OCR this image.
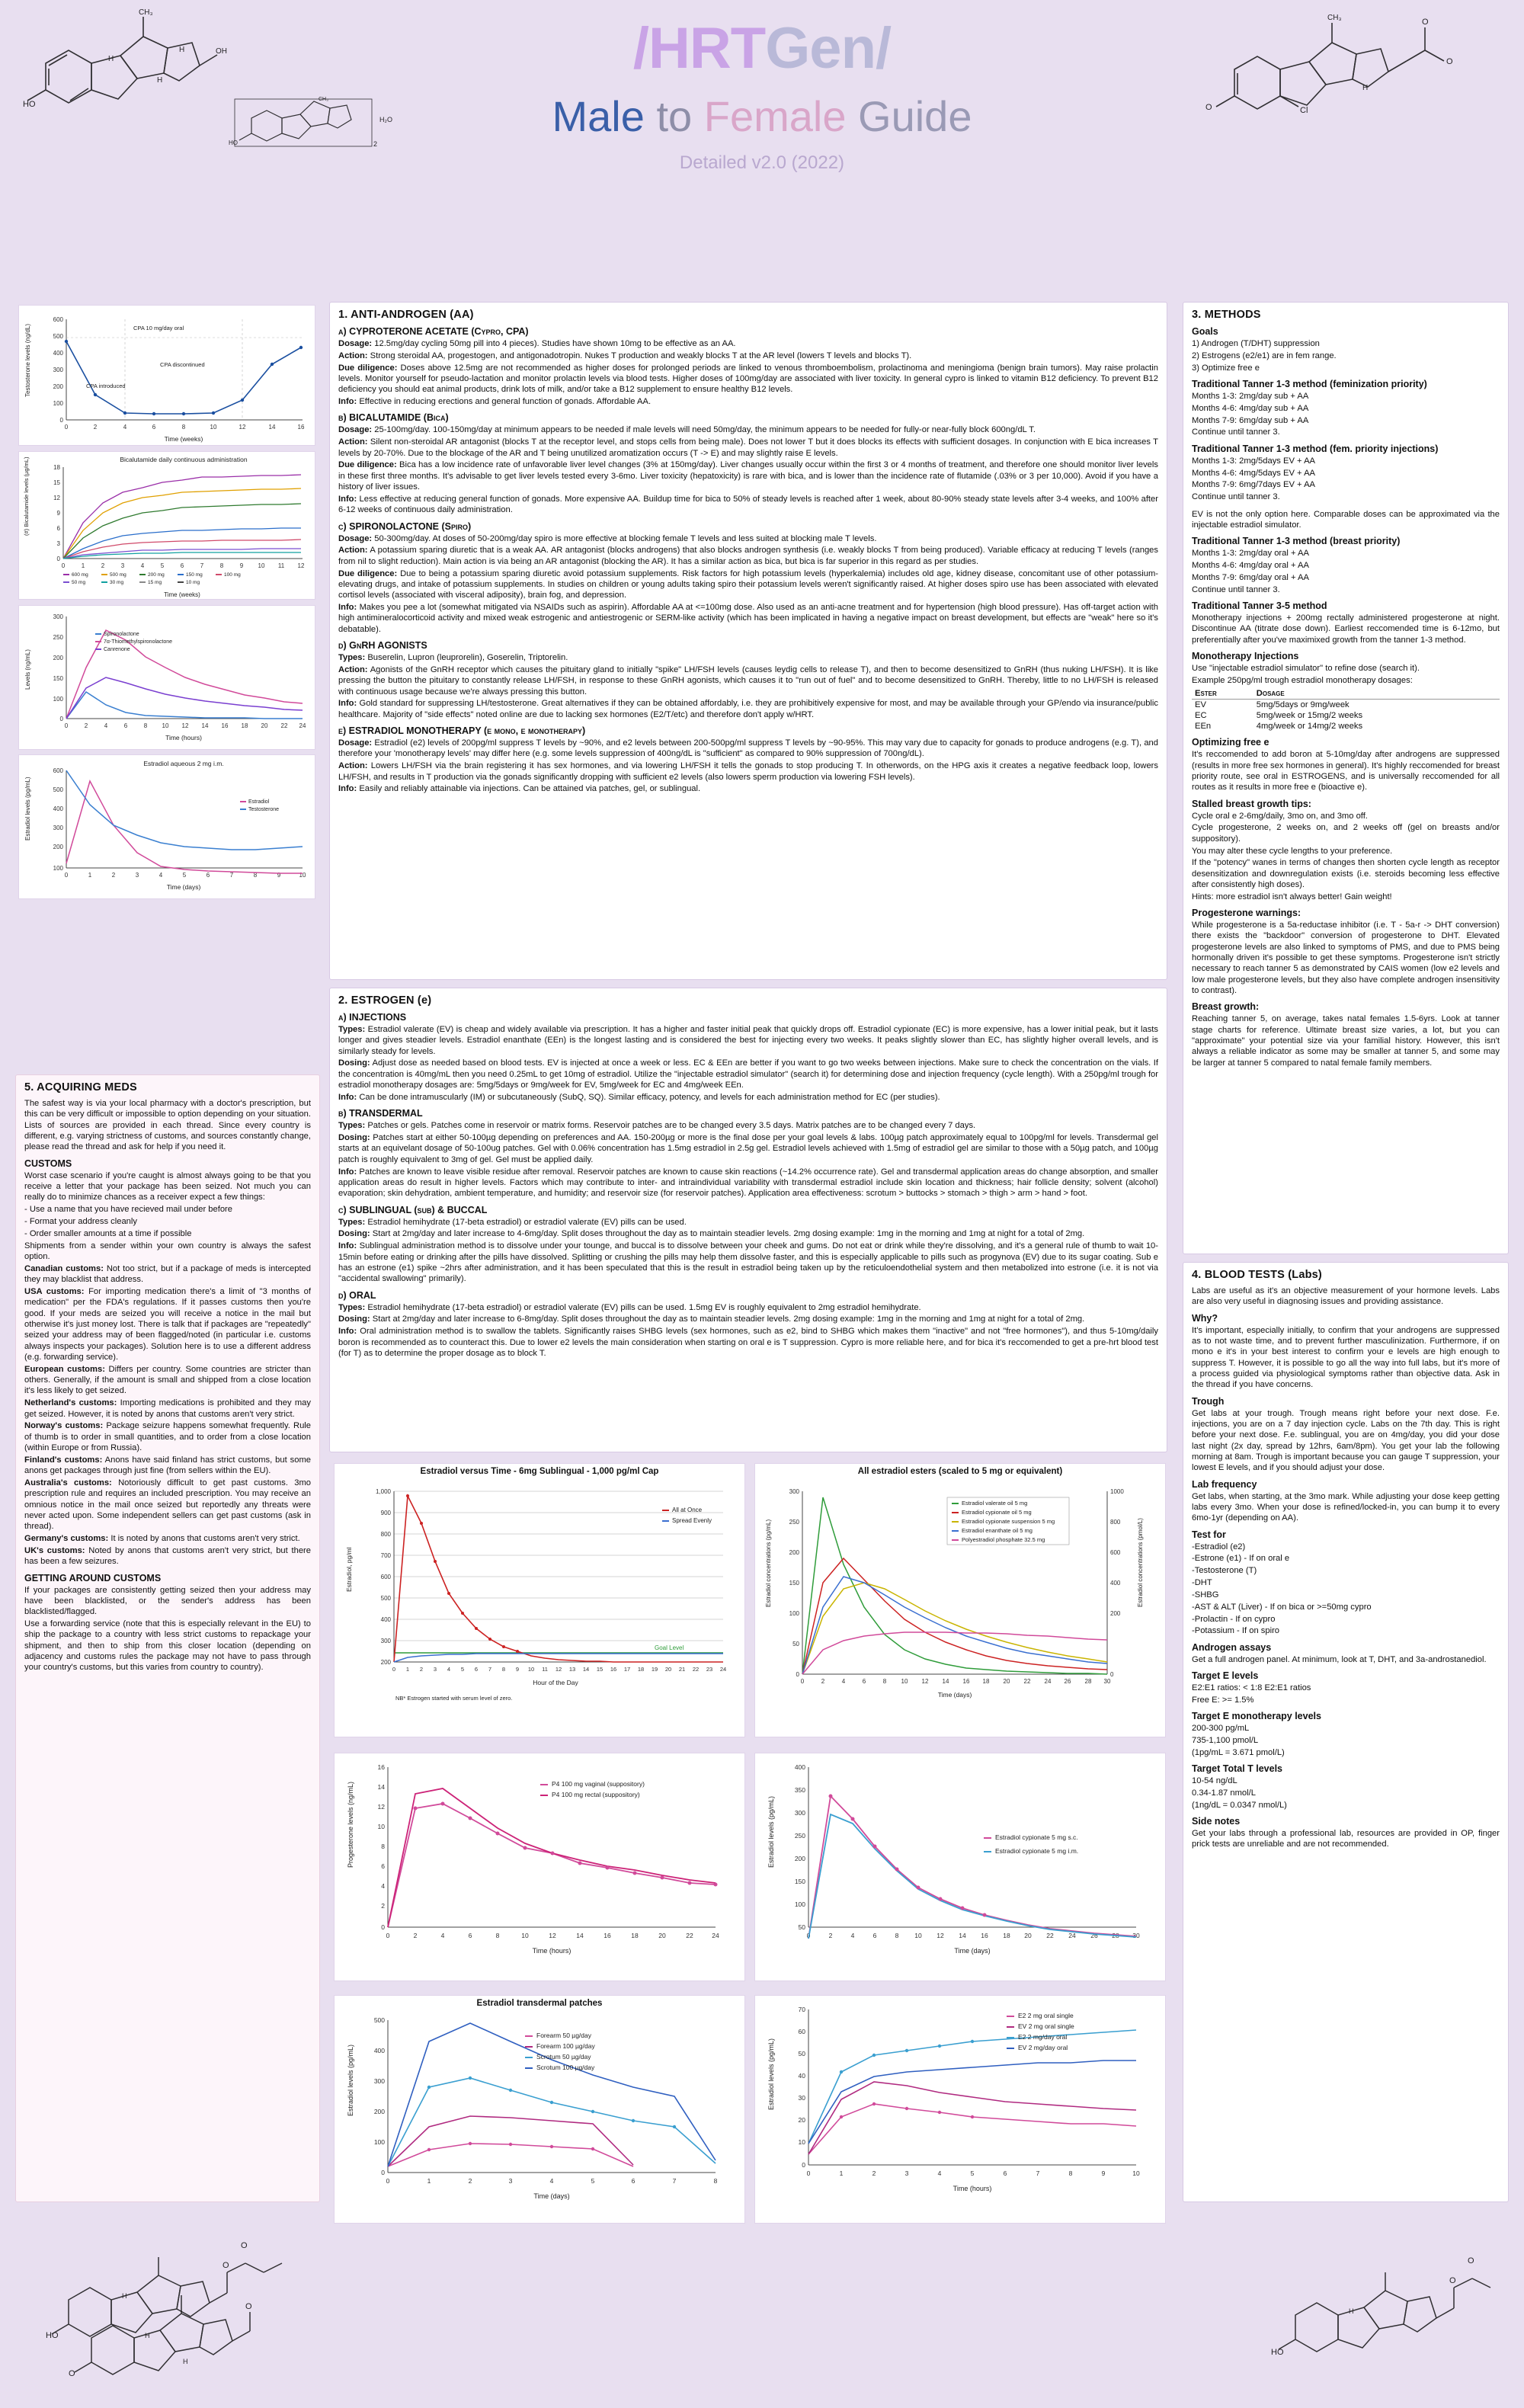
HO
CH₃
OH
H
H
H
HO	2
H₂O
CH₃
O	Cl
CH₃	O
O
H
/HRTGen/
Male to Female Guide
Detailed v2.0 (2022)
600
500
400
300
200
100
0
0	2	4	6	8	10	12	14	16
CPA 10 mg/day oral
CPA discontinued
CPA introduced
Testosterone levels (ng/dL)
Time (weeks)
Bicalutamide daily continuous administration
18
15
12
9
6
3
0
0	1	2	3	4	5	6	7	8	9 10 11 12
600 mg	500 mg	200 mg	150 mg	100 mg
50 mg	30 mg	15 mg	10 mg
(#) Bicalutamide levels (µg/mL)
Time (weeks)
300
250
200
150
100
0
0	2	4	6	8 10 12 14 16 18 20 22 24
Spironolactone
7α-Thiomethylspironolactone
Canrenone
Levels (ng/mL)
Time (hours)
Estradiol aqueous 2 mg i.m.
600
500
400
300
200
100
0	1	2	3	4	5	6	7	8	9	10
Estradiol
Testosterone
Estradiol levels (pg/mL)
Time (days)
5. ACQUIRING MEDS

The safest way is via your local pharmacy with a doctor's prescription, but this can be very difficult or impossible to option depending on your situation. Lists of sources are provided in each thread. Since every country is different, e.g. varying strictness of customs, and sources constantly change, please read the thread and ask for help if you need it.

CUSTOMS

Worst case scenario if you're caught is almost always going to be that you receive a letter that your package has been seized. Not much you can really do to minimize chances as a receiver expect a few things:

- Use a name that you have recieved mail under before

- Format your address cleanly

- Order smaller amounts at a time if possible

Shipments from a sender within your own country is always the safest option.

Canadian customs: Not too strict, but if a package of meds is intercepted they may blacklist that address.

USA customs: For importing medication there's a limit of "3 months of medication" per the FDA's regulations. If it passes customs then you're good. If your meds are seized you will receive a notice in the mail but otherwise it's just money lost. There is talk that if packages are "repeatedly" seized your address may of been flagged/noted (in particular i.e. customs always inspects your packages). Solution here is to use a different address (e.g. forwarding service).

European customs: Differs per country. Some countries are stricter than others. Generally, if the amount is small and shipped from a close location it's less likely to get seized.

Netherland's customs: Importing medications is prohibited and they may get seized. However, it is noted by anons that customs aren't very strict.

Norway's customs: Package seizure happens somewhat frequently. Rule of thumb is to order in small quantities, and to order from a close location (within Europe or from Russia).

Finland's customs: Anons have said finland has strict customs, but some anons get packages through just fine (from sellers within the EU).

Australia's customs: Notoriously difficult to get past customs. 3mo prescription rule and requires an included prescription. You may receive an omnious notice in the mail once seized but reportedly any threats were never acted upon. Some independent sellers can get past customs (ask in thread).

Germany's customs: It is noted by anons that customs aren't very strict.

UK's customs: Noted by anons that customs aren't very strict, but there has been a few seizures.

GETTING AROUND CUSTOMS

If your packages are consistently getting seized then your address may have been blacklisted, or the sender's address has been blacklisted/flagged.

Use a forwarding service (note that this is especially relevant in the EU) to ship the package to a country with less strict customs to repackage your shipment, and then to ship from this closer location (depending on adjacency and customs rules the package may not have to pass through your country's customs, but this varies from country to country).

HO
O
O
H
O
O
H
H
1. ANTI-ANDROGEN (AA)
a) CYPROTERONE ACETATE (Cypro, CPA)

Dosage: 12.5mg/day cycling 50mg pill into 4 pieces). Studies have shown 10mg to be effective as an AA.

Action: Strong steroidal AA, progestogen, and antigonadotropin. Nukes T production and weakly blocks T at the AR level (lowers T levels and blocks T).

Due diligence: Doses above 12.5mg are not recommended as higher doses for prolonged periods are linked to venous thromboembolism, prolactinoma and meningioma (benign brain tumors). May raise prolactin levels. Monitor yourself for pseudo-lactation and monitor prolactin levels via blood tests. Higher doses of 100mg/day are associated with liver toxicity. In general cypro is linked to vitamin B12 deficiency. To prevent B12 deficiency you should eat animal products, drink lots of milk, and/or take a B12 supplement to ensure healthy B12 levels.

Info: Effective in reducing erections and general function of gonads. Affordable AA.

b) BICALUTAMIDE (Bica)

Dosage: 25-100mg/day. 100-150mg/day at minimum appears to be needed if male levels will need 50mg/day, the minimum appears to be needed for fully-or near-fully block 600ng/dL T.

Action: Silent non-steroidal AR antagonist (blocks T at the receptor level, and stops cells from being male). Does not lower T but it does blocks its effects with sufficient dosages. In conjunction with E bica increases T levels by 20-70%. Due to the blockage of the AR and T being unutilized aromatization occurs (T -> E) and may slightly raise E levels.

Due diligence: Bica has a low incidence rate of unfavorable liver level changes (3% at 150mg/day). Liver changes usually occur within the first 3 or 4 months of treatment, and therefore one should monitor liver levels in these first three months. It's advisable to get liver levels tested every 3-6mo. Liver toxicity (hepatoxicity) is rare with bica, and is lower than the incidence rate of flutamide (.03% or 3 per 10,000). Avoid if you have a history of liver issues.

Info: Less effective at reducing general function of gonads. More expensive AA. Buildup time for bica to 50% of steady levels is reached after 1 week, about 80-90% steady state levels after 3-4 weeks, and 100% after 6-12 weeks of continuous daily administration.

c) SPIRONOLACTONE (Spiro)

Dosage: 50-300mg/day. At doses of 50-200mg/day spiro is more effective at blocking female T levels and less suited at blocking male T levels.

Action: A potassium sparing diuretic that is a weak AA. AR antagonist (blocks androgens) that also blocks androgen synthesis (i.e. weakly blocks T from being produced). Variable efficacy at reducing T levels (ranges from nil to slight reduction). Main action is via being an AR antagonist (blocking the AR). It has a similar action as bica, but bica is far superior in this regard as per studies.

Due diligence: Due to being a potassium sparing diuretic avoid potassium supplements. Risk factors for high potassium levels (hyperkalemia) includes old age, kidney disease, concomitant use of other potassium-elevating drugs, and intake of potassium supplements. In studies on children or young adults taking spiro their potassium levels weren't significantly raised. At higher doses spiro use has been associated with elevated cortisol levels (associated with visceral adiposity), brain fog, and depression.

Info: Makes you pee a lot (somewhat mitigated via NSAIDs such as aspirin). Affordable AA at <=100mg dose. Also used as an anti-acne treatment and for hypertension (high blood pressure). Has off-target action with high antimineralocorticoid activity and mixed weak estrogenic and antiestrogenic or SERM-like activity (which has been implicated in having a negative impact on breast development, but effects are "weak" here so it's debatable).

d) GnRH AGONISTS

Types: Buserelin, Lupron (leuprorelin), Goserelin, Triptorelin.

Action: Agonists of the GnRH receptor which causes the pituitary gland to initially "spike" LH/FSH levels (causes leydig cells to release T), and then to become desensitized to GnRH (thus nuking LH/FSH). It is like pressing the button the pituitary to constantly release LH/FSH, in response to these GnRH agonists, which causes it to "run out of fuel" and to become desensitized to GnRH. Thereby, little to no LH/FSH is released with continuous usage because we're always pressing this button.

Info: Gold standard for suppressing LH/testosterone. Great alternatives if they can be obtained affordably, i.e. they are prohibitively expensive for most, and may be available through your GP/endo via insurance/public healthcare. Majority of "side effects" noted online are due to lacking sex hormones (E2/T/etc) and therefore don't apply w/HRT.

e) ESTRADIOL MONOTHERAPY (e mono, e monotherapy)

Dosage: Estradiol (e2) levels of 200pg/ml suppress T levels by ~90%, and e2 levels between 200-500pg/ml suppress T levels by ~90-95%. This may vary due to capacity for gonads to produce androgens (e.g. T), and therefore your 'monotherapy levels' may differ here (e.g. some levels suppression of 400ng/dL is "sufficient" as compared to 90% suppression of 700ng/dL).

Action: Lowers LH/FSH via the brain registering it has sex hormones, and via lowering LH/FSH it tells the gonads to stop producing T. In otherwords, on the HPG axis it creates a negative feedback loop, lowers LH/FSH, and results in T production via the gonads significantly dropping with sufficient e2 levels (also lowers sperm production via lowering FSH levels).

Info: Easily and reliably attainable via injections. Can be attained via patches, gel, or sublingual.

2. ESTROGEN (e)
a) INJECTIONS

Types: Estradiol valerate (EV) is cheap and widely available via prescription. It has a higher and faster initial peak that quickly drops off. Estradiol cypionate (EC) is more expensive, has a lower initial peak, but it lasts longer and gives steadier levels. Estradiol enanthate (EEn) is the longest lasting and is considered the best for injecting every two weeks. It peaks slightly slower than EC, has slightly higher overall levels, and is similarly steady for levels.

Dosing: Adjust dose as needed based on blood tests. EV is injected at once a week or less. EC & EEn are better if you want to go two weeks between injections. Make sure to check the concentration on the vials. If the concentration is 40mg/mL then you need 0.25mL to get 10mg of estradiol. Utilize the "injectable estradiol simulator" (search it) for determining dose and injection frequency (cycle length). With a 250pg/ml trough for estradiol monotherapy dosages are: 5mg/5days or 9mg/week for EV, 5mg/week for EC and 4mg/week EEn.

Info: Can be done intramuscularly (IM) or subcutaneously (SubQ, SQ). Similar efficacy, potency, and levels for each administration method for EC (per studies).

b) TRANSDERMAL

Types: Patches or gels. Patches come in reservoir or matrix forms. Reservoir patches are to be changed every 3.5 days. Matrix patches are to be changed every 7 days.

Dosing: Patches start at either 50-100µg depending on preferences and AA. 150-200µg or more is the final dose per your goal levels & labs. 100µg patch approximately equal to 100pg/ml for levels. Transdermal gel starts at an equivelant dosage of 50-100ug patches. Gel with 0.06% concentration has 1.5mg estradiol in 2.5g gel. Estradiol levels achieved with 1.5mg of estradiol gel are similar to those with a 50µg patch, and 100µg patch is roughly equivalent to 3mg of gel. Gel must be applied daily.

Info: Patches are known to leave visible residue after removal. Reservoir patches are known to cause skin reactions (~14.2% occurrence rate). Gel and transdermal application areas do change absorption, and smaller application areas do result in higher levels. Factors which may contribute to inter- and intraindividual variability with transdermal estradiol include skin location and thickness; hair follicle density; solvent (alcohol) evaporation; skin dehydration, ambient temperature, and humidity; and reservoir size (for reservoir patches). Application area effectiveness: scrotum > buttocks > stomach > thigh > arm > hand > foot.

c) SUBLINGUAL (sub) & BUCCAL

Types: Estradiol hemihydrate (17-beta estradiol) or estradiol valerate (EV) pills can be used.

Dosing: Start at 2mg/day and later increase to 4-6mg/day. Split doses throughout the day as to maintain steadier levels. 2mg dosing example: 1mg in the morning and 1mg at night for a total of 2mg.

Info: Sublingual administration method is to dissolve under your tounge, and buccal is to dissolve between your cheek and gums. Do not eat or drink while they're dissolving, and it's a general rule of thumb to wait 10-15min before eating or drinking after the pills have dissolved. Splitting or crushing the pills may help them dissolve faster, and this is especially applicable to pills such as progynova (EV) due to its sugar coating. Sub e has an estrone (e1) spike ~2hrs after administration, and it has been speculated that this is the result in estradiol being taken up by the reticuloendothelial system and then metabolized into estrone (i.e. it is not via "accidental swallowing" primarily).

d) ORAL

Types: Estradiol hemihydrate (17-beta estradiol) or estradiol valerate (EV) pills can be used. 1.5mg EV is roughly equivalent to 2mg estradiol hemihydrate.

Dosing: Start at 2mg/day and later increase to 6-8mg/day. Split doses throughout the day as to maintain steadier levels. 2mg dosing example: 1mg in the morning and 1mg at night for a total of 2mg.

Info: Oral administration method is to swallow the tablets. Significantly raises SHBG levels (sex hormones, such as e2, bind to SHBG which makes them "inactive" and not "free hormones"), and thus 5-10mg/daily boron is recommended as to counteract this. Due to lower e2 levels the main consideration when starting on oral e is T suppression. Cypro is more reliable here, and for bica it's reccomended to get a pre-hrt blood test (for T) as to determine the proper dosage as to block T.

Estradiol versus Time - 6mg Sublingual - 1,000 pg/ml Cap
1,000
900
800
700
600
500
400
300
200
0 1 2 3 4 5 6 7 8 9 10 11 12 13 14 15 16 17 18 19 20 21 22 23 24
Goal Level
All at Once
Spread Evenly
Estradiol, pg/ml
Hour of the Day
NB* Estrogen started with serum level of zero.
All estradiol esters (scaled to 5 mg or equivalent)
300
250
200
150
100
50
0
1000
800
600
400
200
0
0	2	4	6	8 10 12 14 16 18 20 22 24 26 28 30
Estradiol valerate oil 5 mg
Estradiol cypionate oil 5 mg
Estradiol cypionate suspension 5 mg
Estradiol enanthate oil 5 mg
Polyestradiol phosphate 32.5 mg
Estradiol concentrations (pg/mL)	Estradiol concentrations (pmol/L)
Time (days)
16
14
12
10
8
6
4
2
0
0	2	4	6	8	10	12	14	16	18	20	22	24
P4 100 mg vaginal (suppository)
P4 100 mg rectal (suppository)
Progesterone levels (ng/mL)
Time (hours)
400
350
300
250
200
150
100
50
0	2	4	6	8 10 12 14 16 18 20 22 24 26 28 30
Estradiol cypionate 5 mg s.c.
Estradiol cypionate 5 mg i.m.
Estradiol levels (pg/mL)
Time (days)
Estradiol transdermal patches
500
400
300
200
100
0
0	1	2	3	4	5	6	7	8
Forearm 50 µg/day
Forearm 100 µg/day
Scrotum 50 µg/day
Scrotum 100 µg/day
Estradiol levels (pg/mL)
Time (days)
70
60
50
40
30
20
10
0
0	1	2	3	4	5	6	7	8	9	10
E2 2 mg oral single
EV 2 mg oral single
E2 2 mg/day oral
EV 2 mg/day oral
Estradiol levels (pg/mL)
Time (hours)
3. METHODS
Goals

1) Androgen (T/DHT) suppression

2) Estrogens (e2/e1) are in fem range.

3) Optimize free e

Traditional Tanner 1-3 method (feminization priority)

Months 1-3: 2mg/day sub + AA

Months 4-6: 4mg/day sub + AA

Months 7-9: 6mg/day sub + AA

Continue until tanner 3.

Traditional Tanner 1-3 method (fem. priority injections)

Months 1-3: 2mg/5days EV + AA

Months 4-6: 4mg/5days EV + AA

Months 7-9: 6mg/7days EV + AA

Continue until tanner 3.

EV is not the only option here. Comparable doses can be approximated via the injectable estradiol simulator.

Traditional Tanner 1-3 method (breast priority)

Months 1-3: 2mg/day oral + AA

Months 4-6: 4mg/day oral + AA

Months 7-9: 6mg/day oral + AA

Continue until tanner 3.

Traditional Tanner 3-5 method

Monotherapy injections + 200mg rectally administered progesterone at night. Discontinue AA (titrate dose down). Earliest reccomended time is 6-12mo, but preferentially after you've maximixed growth from the tanner 1-3 method.

Monotherapy Injections

Use "injectable estradiol simulator" to refine dose (search it).

Example 250pg/ml trough estradiol monotherapy dosages:

Ester	Dosage
EV	5mg/5days or 9mg/week
EC	5mg/week or 15mg/2 weeks
EEn	4mg/week or 14mg/2 weeks
Optimizing free e

It's reccomended to add boron at 5-10mg/day after androgens are suppressed (results in more free sex hormones in general). It's highly reccomended for breast priority route, see oral in ESTROGENS, and is universally reccomended for all routes as it results in more free e (bioactive e).

Stalled breast growth tips:

Cycle oral e 2-6mg/daily, 3mo on, and 3mo off.

Cycle progesterone, 2 weeks on, and 2 weeks off (gel on breasts and/or suppository).

You may alter these cycle lengths to your preference.

If the "potency" wanes in terms of changes then shorten cycle length as receptor desensitization and downregulation exists (i.e. steroids becoming less effective after consistently high doses).

Hints: more estradiol isn't always better! Gain weight!

Progesterone warnings:

While progesterone is a 5a-reductase inhibitor (i.e. T - 5a-r -> DHT conversion) there exists the "backdoor" conversion of progesterone to DHT. Elevated progesterone levels are also linked to symptoms of PMS, and due to PMS being hormonally driven it's possible to get these symptoms. Progesterone isn't strictly necessary to reach tanner 5 as demonstrated by CAIS women (low e2 levels and low male progesterone levels, but they also have complete androgen insensitivity to contrast).

Breast growth:

Reaching tanner 5, on average, takes natal females 1.5-6yrs. Look at tanner stage charts for reference. Ultimate breast size varies, a lot, but you can "approximate" your potential size via your familial history. However, this isn't always a reliable indicator as some may be smaller at tanner 5, and some may be larger at tanner 5 compared to natal female family members.

4. BLOOD TESTS (Labs)

Labs are useful as it's an objective measurement of your hormone levels. Labs are also very useful in diagnosing issues and providing assistance.

Why?

It's important, especially initially, to confirm that your androgens are suppressed as to not waste time, and to prevent further masculinization. Furthermore, if on mono e it's in your best interest to confirm your e levels are high enough to suppress T. However, it is possible to go all the way into full labs, but it's more of a process guided via physiological symptoms rather than objective data. Ask in the thread if you have concerns.

Trough

Get labs at your trough. Trough means right before your next dose. F.e. injections, you are on a 7 day injection cycle. Labs on the 7th day. This is right before your next dose. F.e. sublingual, you are on 4mg/day, you did your dose last night (2x day, spread by 12hrs, 6am/8pm). You get your lab the following morning at 8am. Trough is important because you can gauge T suppression, your lowest E levels, and if you should adjust your dose.

Lab frequency

Get labs, when starting, at the 3mo mark. While adjusting your dose keep getting labs every 3mo. When your dose is refined/locked-in, you can bump it to every 6mo-1yr (depending on AA).

Test for

-Estradiol (e2)

-Estrone (e1) - If on oral e

-Testosterone (T)

-DHT

-SHBG

-AST & ALT (Liver) - If on bica or >=50mg cypro

-Prolactin - If on cypro

-Potassium - If on spiro

Androgen assays

Get a full androgen panel. At minimum, look at T, DHT, and 3a-androstanediol.

Target E levels

E2:E1 ratios: < 1:8 E2:E1 ratios

Free E: >= 1.5%

Target E monotherapy levels

200-300 pg/mL

735-1,100 pmol/L

(1pg/mL = 3.671 pmol/L)

Target Total T levels

10-54 ng/dL

0.34-1.87 nmol/L

(1ng/dL = 0.0347 nmol/L)

Side notes

Get your labs through a professional lab, resources are provided in OP, finger prick tests are unreliable and are not recommended.

HO
O
O
H
